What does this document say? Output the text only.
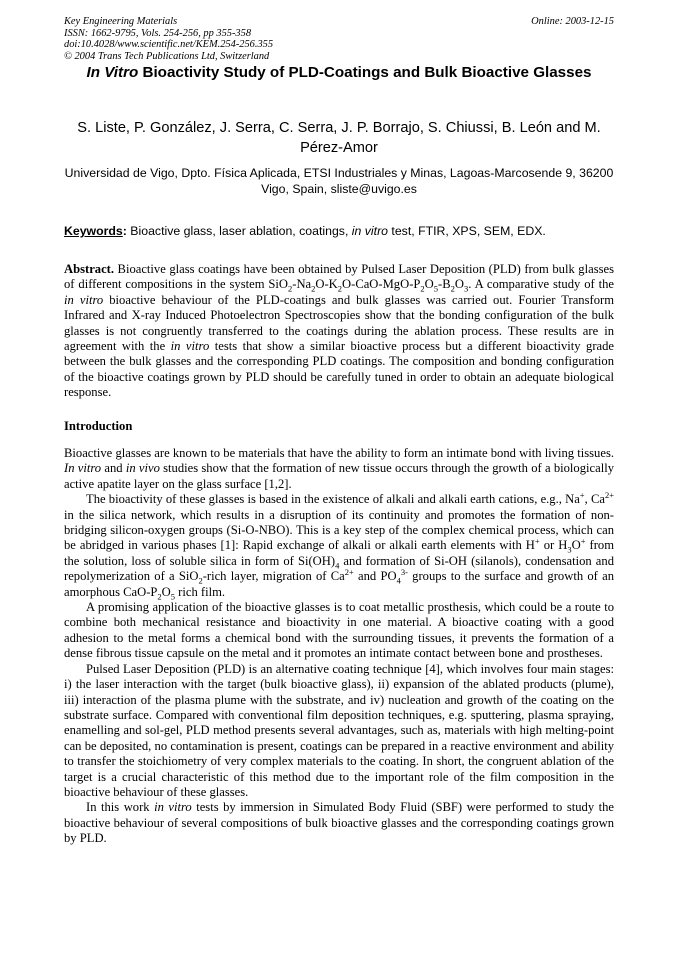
Key Engineering Materials
ISSN: 1662-9795, Vols. 254-256, pp 355-358
doi:10.4028/www.scientific.net/KEM.254-256.355
© 2004 Trans Tech Publications Ltd, Switzerland
Online: 2003-12-15
In Vitro Bioactivity Study of PLD-Coatings and Bulk Bioactive Glasses
S. Liste, P. González, J. Serra, C. Serra, J. P. Borrajo, S. Chiussi, B. León and M. Pérez-Amor
Universidad de Vigo, Dpto. Física Aplicada, ETSI Industriales y Minas, Lagoas-Marcosende 9, 36200 Vigo, Spain, sliste@uvigo.es
Keywords: Bioactive glass, laser ablation, coatings, in vitro test, FTIR, XPS, SEM, EDX.

Abstract. Bioactive glass coatings have been obtained by Pulsed Laser Deposition (PLD) from bulk glasses of different compositions in the system $SiO_2-Na_2O-K_2O-CaO-MgO-P_2O_5-B_2O_3$. A comparative study of the in vitro bioactive behaviour of the PLD-coatings and bulk glasses was carried out. Fourier Transform Infrared and X-ray Induced Photoelectron Spectroscopies show that the bonding configuration of the bulk glasses is not congruently transferred to the coatings during the ablation process. These results are in agreement with the in vitro tests that show a similar bioactive process but a different bioactivity grade between the bulk glasses and the corresponding PLD coatings. The composition and bonding configuration of the bioactive coatings grown by PLD should be carefully tuned in order to obtain an adequate biological response.

Introduction

Bioactive glasses are known to be materials that have the ability to form an intimate bond with living tissues. In vitro and in vivo studies show that the formation of new tissue occurs through the growth of a biologically active apatite layer on the glass surface [1,2].

The bioactivity of these glasses is based in the existence of alkali and alkali earth cations, e.g., Na+, $Ca^{2+}$ in the silica network, which results in a disruption of its continuity and promotes the formation of non-bridging silicon-oxygen groups (Si-O-NBO). This is a key step of the complex chemical process, which can be abridged in various phases [1]: Rapid exchange of alkali or alkali earth elements with H+ or $H_3O^+$ from the solution, loss of soluble silica in form of $Si(OH)_4$ and formation of Si-OH (silanols), condensation and repolymerization of a SiO$_2$-rich layer, migration of $Ca^{2+}$ and $PO_4^{3-}$ groups to the surface and growth of an amorphous CaO-$P_2O_5$ rich film.

A promising application of the bioactive glasses is to coat metallic prosthesis, which could be a route to combine both mechanical resistance and bioactivity in one material. A bioactive coating with a good adhesion to the metal forms a chemical bond with the surrounding tissues, it prevents the formation of a dense fibrous tissue capsule on the metal and it promotes an intimate contact between bone and prostheses.

Pulsed Laser Deposition (PLD) is an alternative coating technique [4], which involves four main stages: i) the laser interaction with the target (bulk bioactive glass), ii) expansion of the ablated products (plume), iii) interaction of the plasma plume with the substrate, and iv) nucleation and growth of the coating on the substrate surface. Compared with conventional film deposition techniques, e.g. sputtering, plasma spraying, enamelling and sol-gel, PLD method presents several advantages, such as, materials with high melting-point can be deposited, no contamination is present, coatings can be prepared in a reactive environment and ability to transfer the stoichiometry of very complex materials to the coating. In short, the congruent ablation of the target is a crucial characteristic of this method due to the important role of the film composition in the bioactive behaviour of these glasses.

In this work in vitro tests by immersion in Simulated Body Fluid (SBF) were performed to study the bioactive behaviour of several compositions of bulk bioactive glasses and the corresponding coatings grown by PLD.
